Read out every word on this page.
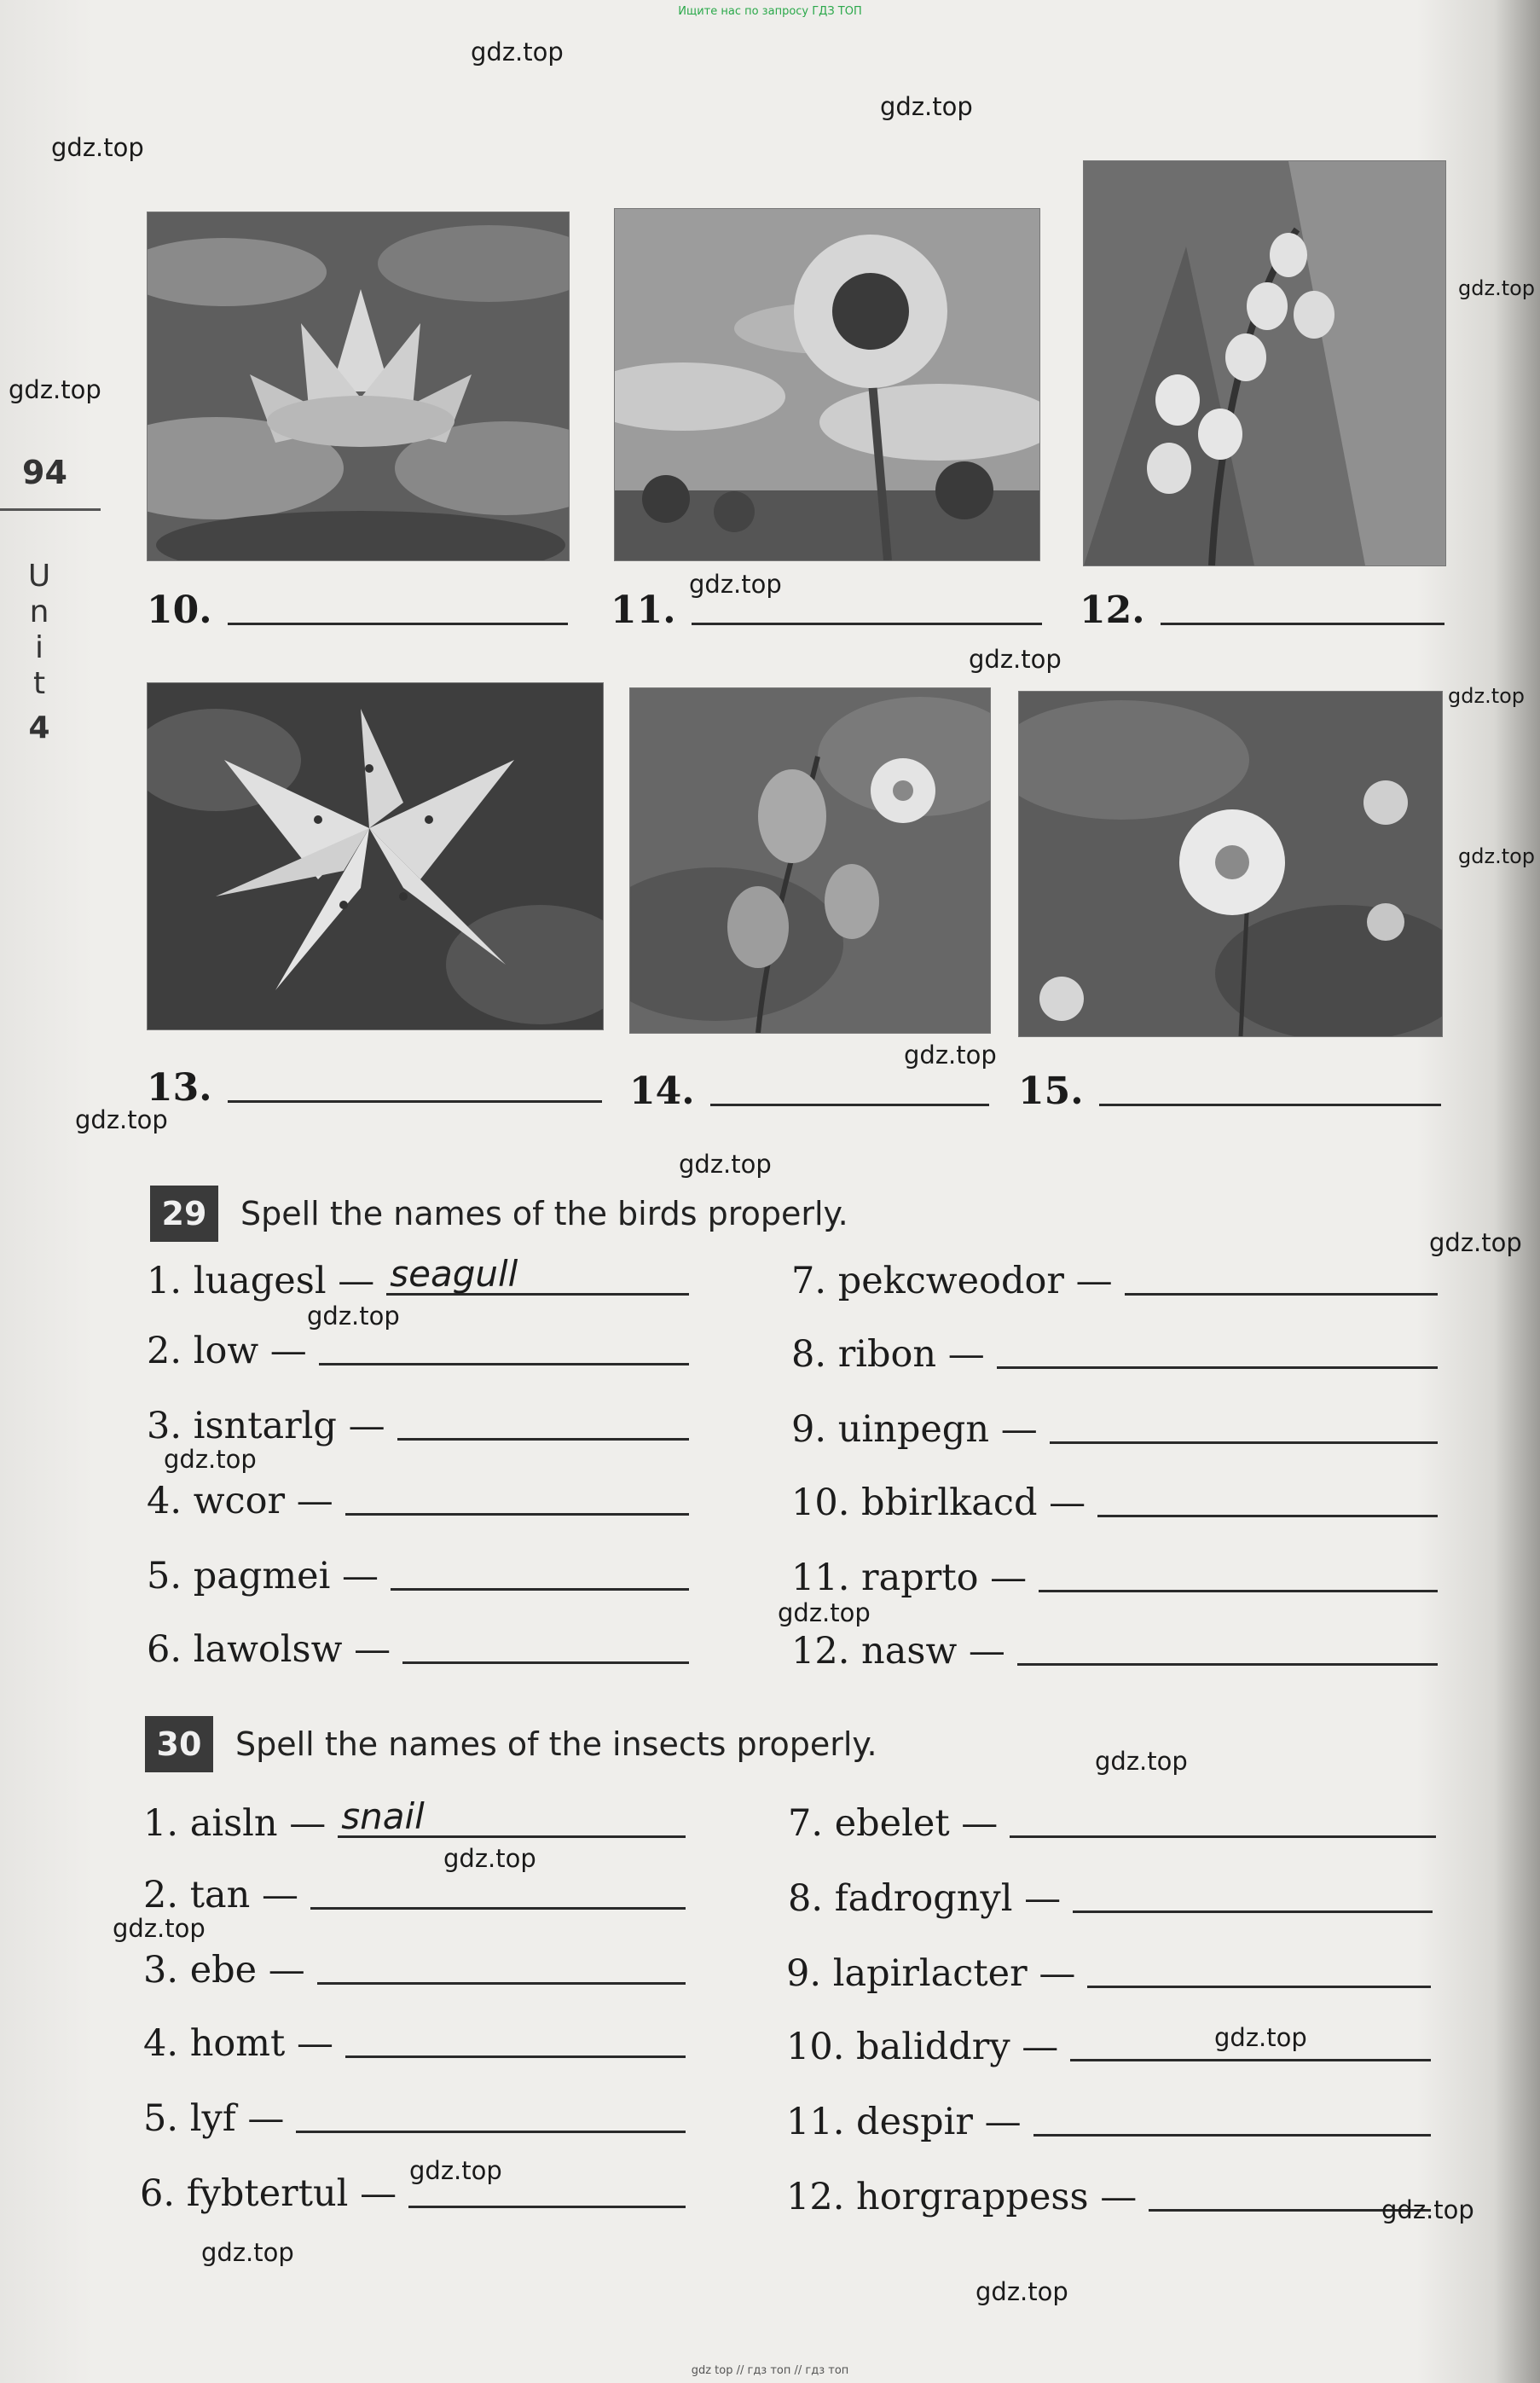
Ищите нас по запросу ГДЗ ТОП
94
U
n
i
t
4
10.	11.	12.
13.	14.	15.
29	Spell the names of the birds properly.
1. luagesl — seagull
2. low —
3. isntarlg —
4. wcor —
5. pagmei —
6. lawolsw —
7. pekcweodor —
8. ribon —
9. uinpegn —
10. bbirlkacd —
11. raprto —
12. nasw —
30	Spell the names of the insects properly.
1. aisln — snail
2. tan —
3. ebe —
4. homt —
5. lyf —
6. fybtertul —
7. ebelet —
8. fadrognyl —
9. lapirlacter —
10. baliddry —
11. despir —
12. horgrappess —
gdz.top
gdz.top
gdz.top
gdz.top
gdz.top
gdz.top
gdz.top
gdz.top
gdz.top
gdz.top
gdz.top
gdz.top
gdz.top
gdz.top
gdz.top
gdz.top
gdz.top
gdz.top
gdz.top
gdz.top
gdz.top
gdz.top
gdz.top
gdz.top
gdz top // гдз топ // гдз топ
